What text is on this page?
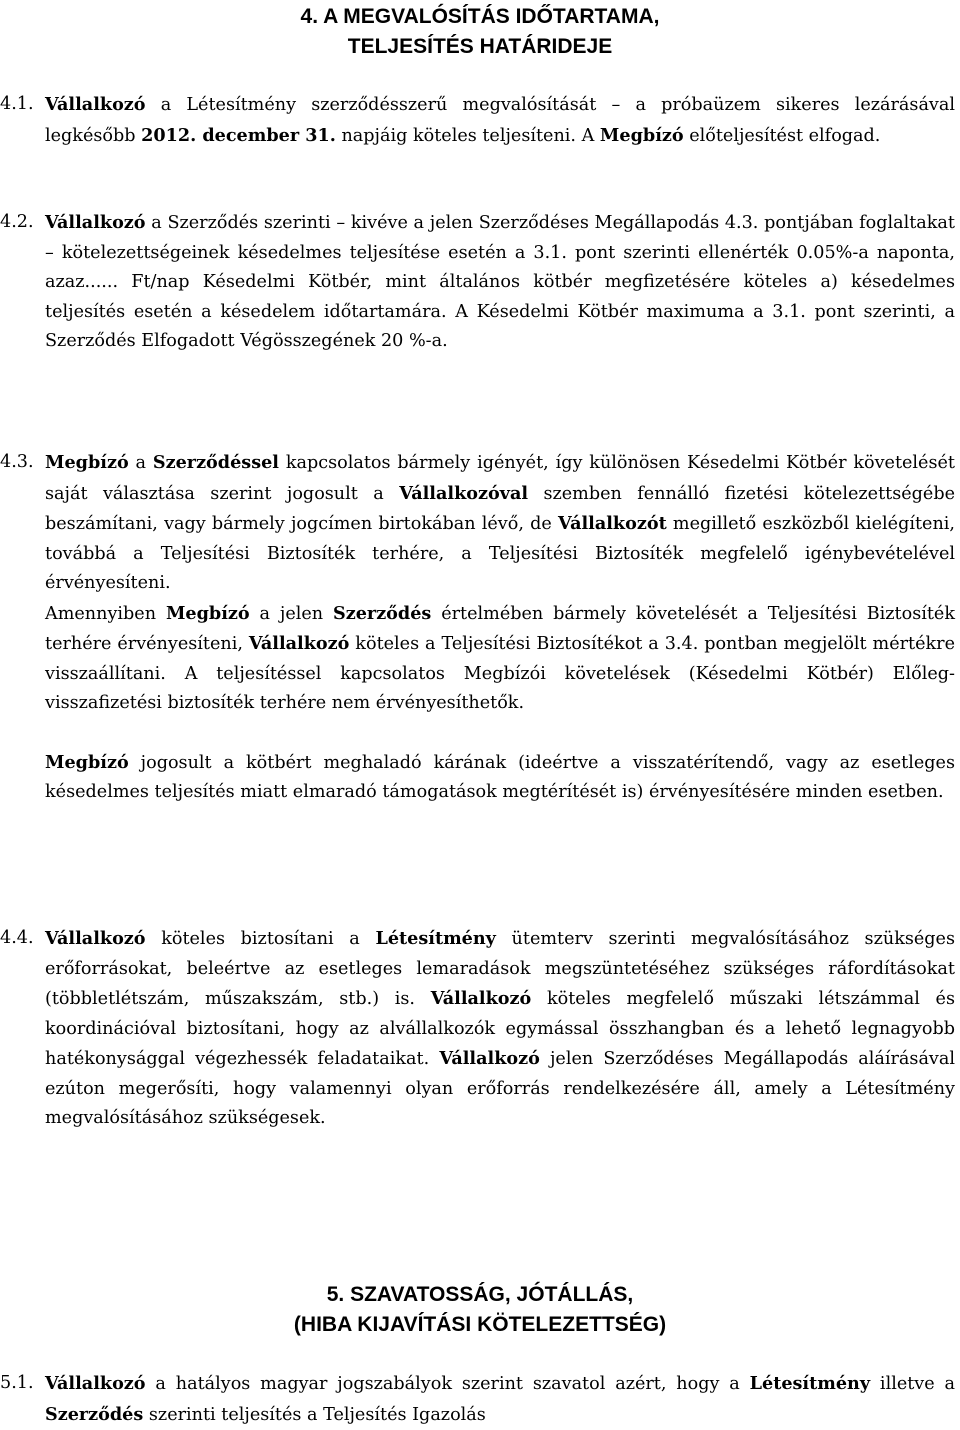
4. A MEGVALÓSÍTÁS IDŐTARTAMA,
TELJESÍTÉS HATÁRIDEJE
4.1. Vállalkozó a Létesítmény szerződésszerű megvalósítását – a próbaüzem sikeres lezárásával legkésőbb 2012. december 31. napjáig köteles teljesíteni. A Megbízó előteljesítést elfogad.

4.2. Vállalkozó a Szerződés szerinti – kivéve a jelen Szerződéses Megállapodás 4.3. pontjában foglaltakat – kötelezettségeinek késedelmes teljesítése esetén a 3.1. pont szerinti ellenérték 0.05%-a naponta, azaz...... Ft/nap Késedelmi Kötbér, mint általános kötbér megfizetésére köteles a) késedelmes teljesítés esetén a késedelem időtartamára. A Késedelmi Kötbér maximuma a 3.1. pont szerinti, a Szerződés Elfogadott Végösszegének 20 %-a.

4.3. Megbízó a Szerződéssel kapcsolatos bármely igényét, így különösen Késedelmi Kötbér követelését saját választása szerint jogosult a Vállalkozóval szemben fennálló fizetési kötelezettségébe beszámítani, vagy bármely jogcímen birtokában lévő, de Vállalkozót megillető eszközből kielégíteni, továbbá a Teljesítési Biztosíték terhére, a Teljesítési Biztosíték megfelelő igénybevételével érvényesíteni.

Amennyiben Megbízó a jelen Szerződés értelmében bármely követelését a Teljesítési Biztosíték terhére érvényesíteni, Vállalkozó köteles a Teljesítési Biztosítékot a 3.4. pontban megjelölt mértékre visszaállítani. A teljesítéssel kapcsolatos Megbízói követelések (Késedelmi Kötbér) Előleg-visszafizetési biztosíték terhére nem érvényesíthetők.

Megbízó jogosult a kötbért meghaladó kárának (ideértve a visszatérítendő, vagy az esetleges késedelmes teljesítés miatt elmaradó támogatások megtérítését is) érvényesítésére minden esetben.

4.4. Vállalkozó köteles biztosítani a Létesítmény ütemterv szerinti megvalósításához szükséges erőforrásokat, beleértve az esetleges lemaradások megszüntetéséhez szükséges ráfordításokat (többletlétszám, műszakszám, stb.) is. Vállalkozó köteles megfelelő műszaki létszámmal és koordinációval biztosítani, hogy az alvállalkozók egymással összhangban és a lehető legnagyobb hatékonysággal végezhessék feladataikat. Vállalkozó jelen Szerződéses Megállapodás aláírásával ezúton megerősíti, hogy valamennyi olyan erőforrás rendelkezésére áll, amely a Létesítmény megvalósításához szükségesek.

5. SZAVATOSSÁG, JÓTÁLLÁS,
(HIBA KIJAVÍTÁSI KÖTELEZETTSÉG)
5.1. Vállalkozó a hatályos magyar jogszabályok szerint szavatol azért, hogy a Létesítmény illetve a Szerződés szerinti teljesítés a Teljesítés Igazolás
